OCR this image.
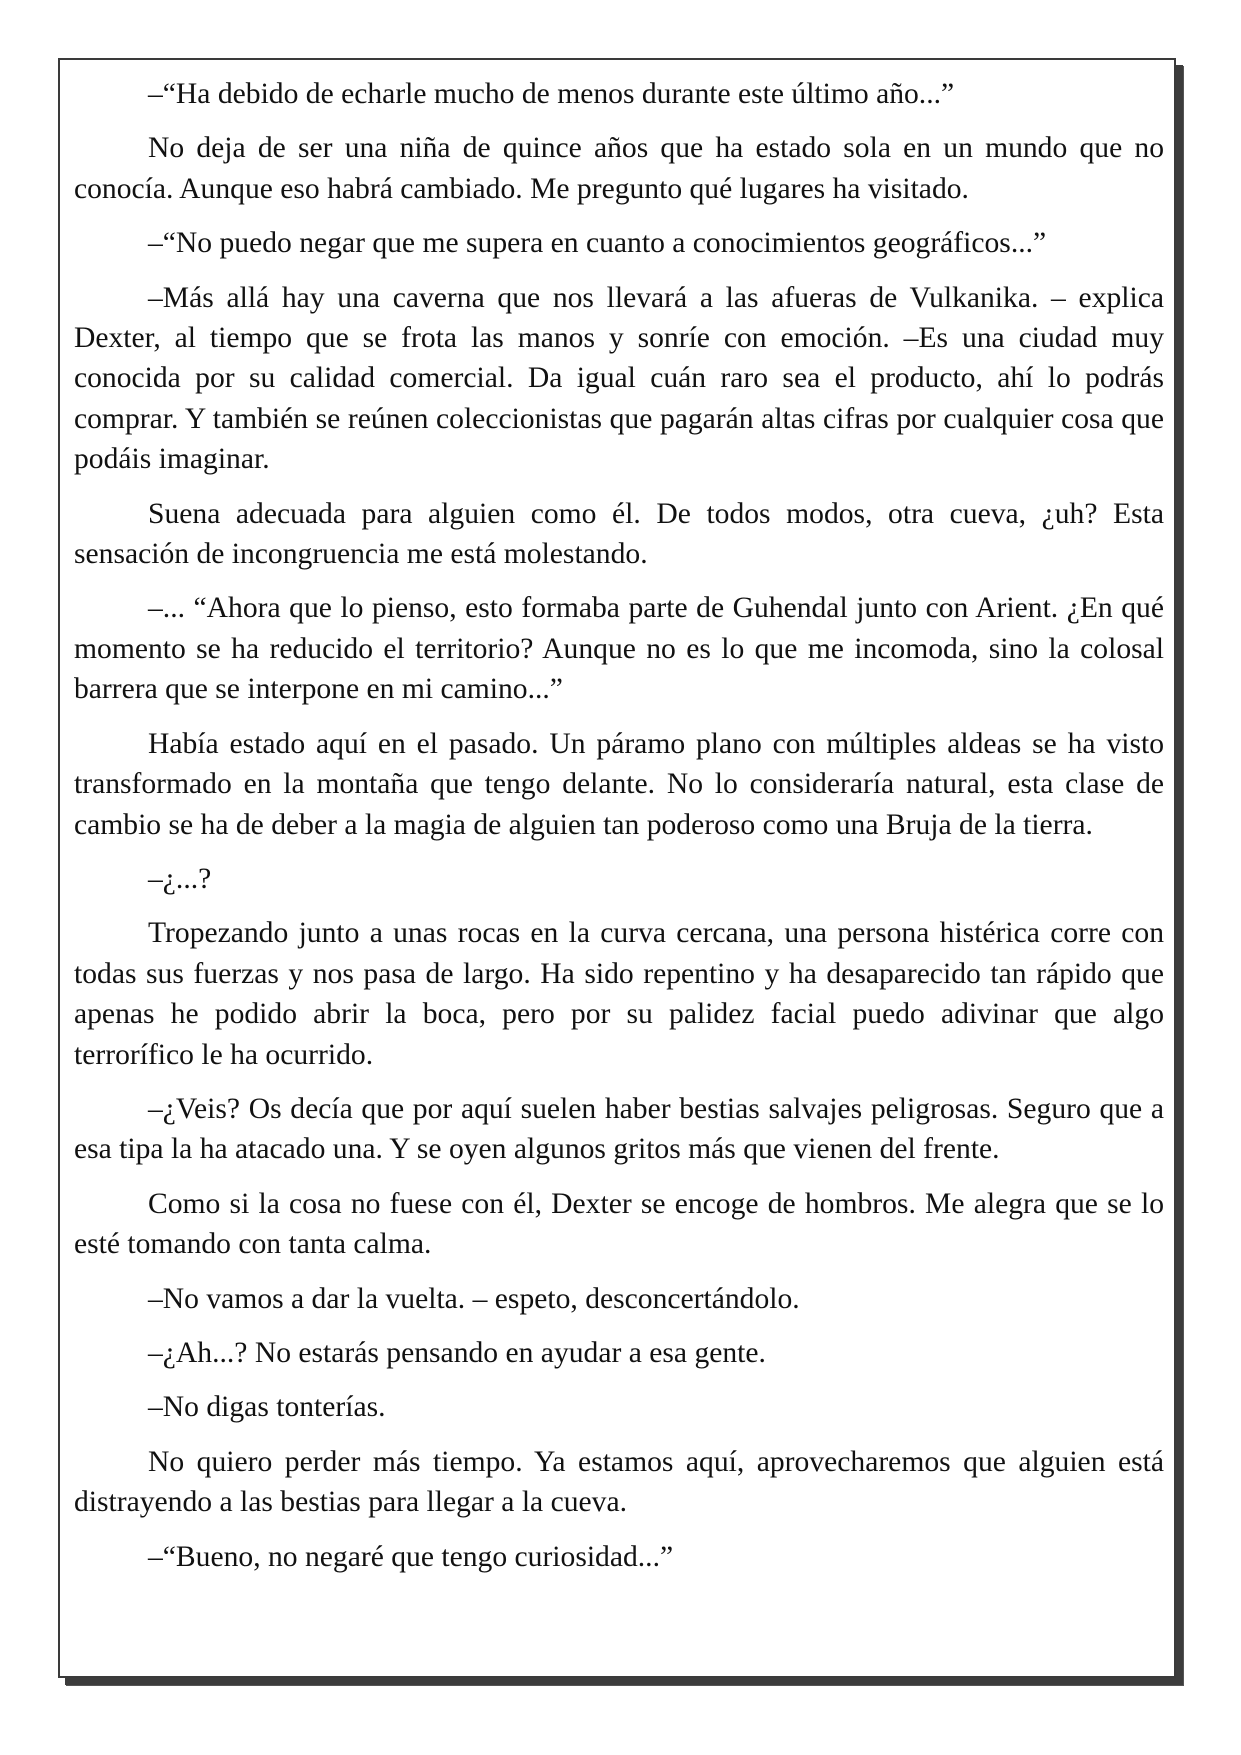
–“Ha debido de echarle mucho de menos durante este último año...”

No deja de ser una niña de quince años que ha estado sola en un mundo que no conocía. Aunque eso habrá cambiado. Me pregunto qué lugares ha visitado.

–“No puedo negar que me supera en cuanto a conocimientos geográficos...”

–Más allá hay una caverna que nos llevará a las afueras de Vulkanika. – explica Dexter, al tiempo que se frota las manos y sonríe con emoción. –Es una ciudad muy conocida por su calidad comercial. Da igual cuán raro sea el producto, ahí lo podrás comprar. Y también se reúnen coleccionistas que pagarán altas cifras por cualquier cosa que podáis imaginar.

Suena adecuada para alguien como él. De todos modos, otra cueva, ¿uh? Esta sensación de incongruencia me está molestando.

–... “Ahora que lo pienso, esto formaba parte de Guhendal junto con Arient. ¿En qué momento se ha reducido el territorio? Aunque no es lo que me incomoda, sino la colosal barrera que se interpone en mi camino...”

Había estado aquí en el pasado. Un páramo plano con múltiples aldeas se ha visto transformado en la montaña que tengo delante. No lo consideraría natural, esta clase de cambio se ha de deber a la magia de alguien tan poderoso como una Bruja de la tierra.

–¿...?

Tropezando junto a unas rocas en la curva cercana, una persona histérica corre con todas sus fuerzas y nos pasa de largo. Ha sido repentino y ha desaparecido tan rápido que apenas he podido abrir la boca, pero por su palidez facial puedo adivinar que algo terrorífico le ha ocurrido.

–¿Veis? Os decía que por aquí suelen haber bestias salvajes peligrosas. Seguro que a esa tipa la ha atacado una. Y se oyen algunos gritos más que vienen del frente.

Como si la cosa no fuese con él, Dexter se encoge de hombros. Me alegra que se lo esté tomando con tanta calma.

–No vamos a dar la vuelta. – espeto, desconcertándolo.

–¿Ah...? No estarás pensando en ayudar a esa gente.

–No digas tonterías.

No quiero perder más tiempo. Ya estamos aquí, aprovecharemos que alguien está distrayendo a las bestias para llegar a la cueva.

–“Bueno, no negaré que tengo curiosidad...”
